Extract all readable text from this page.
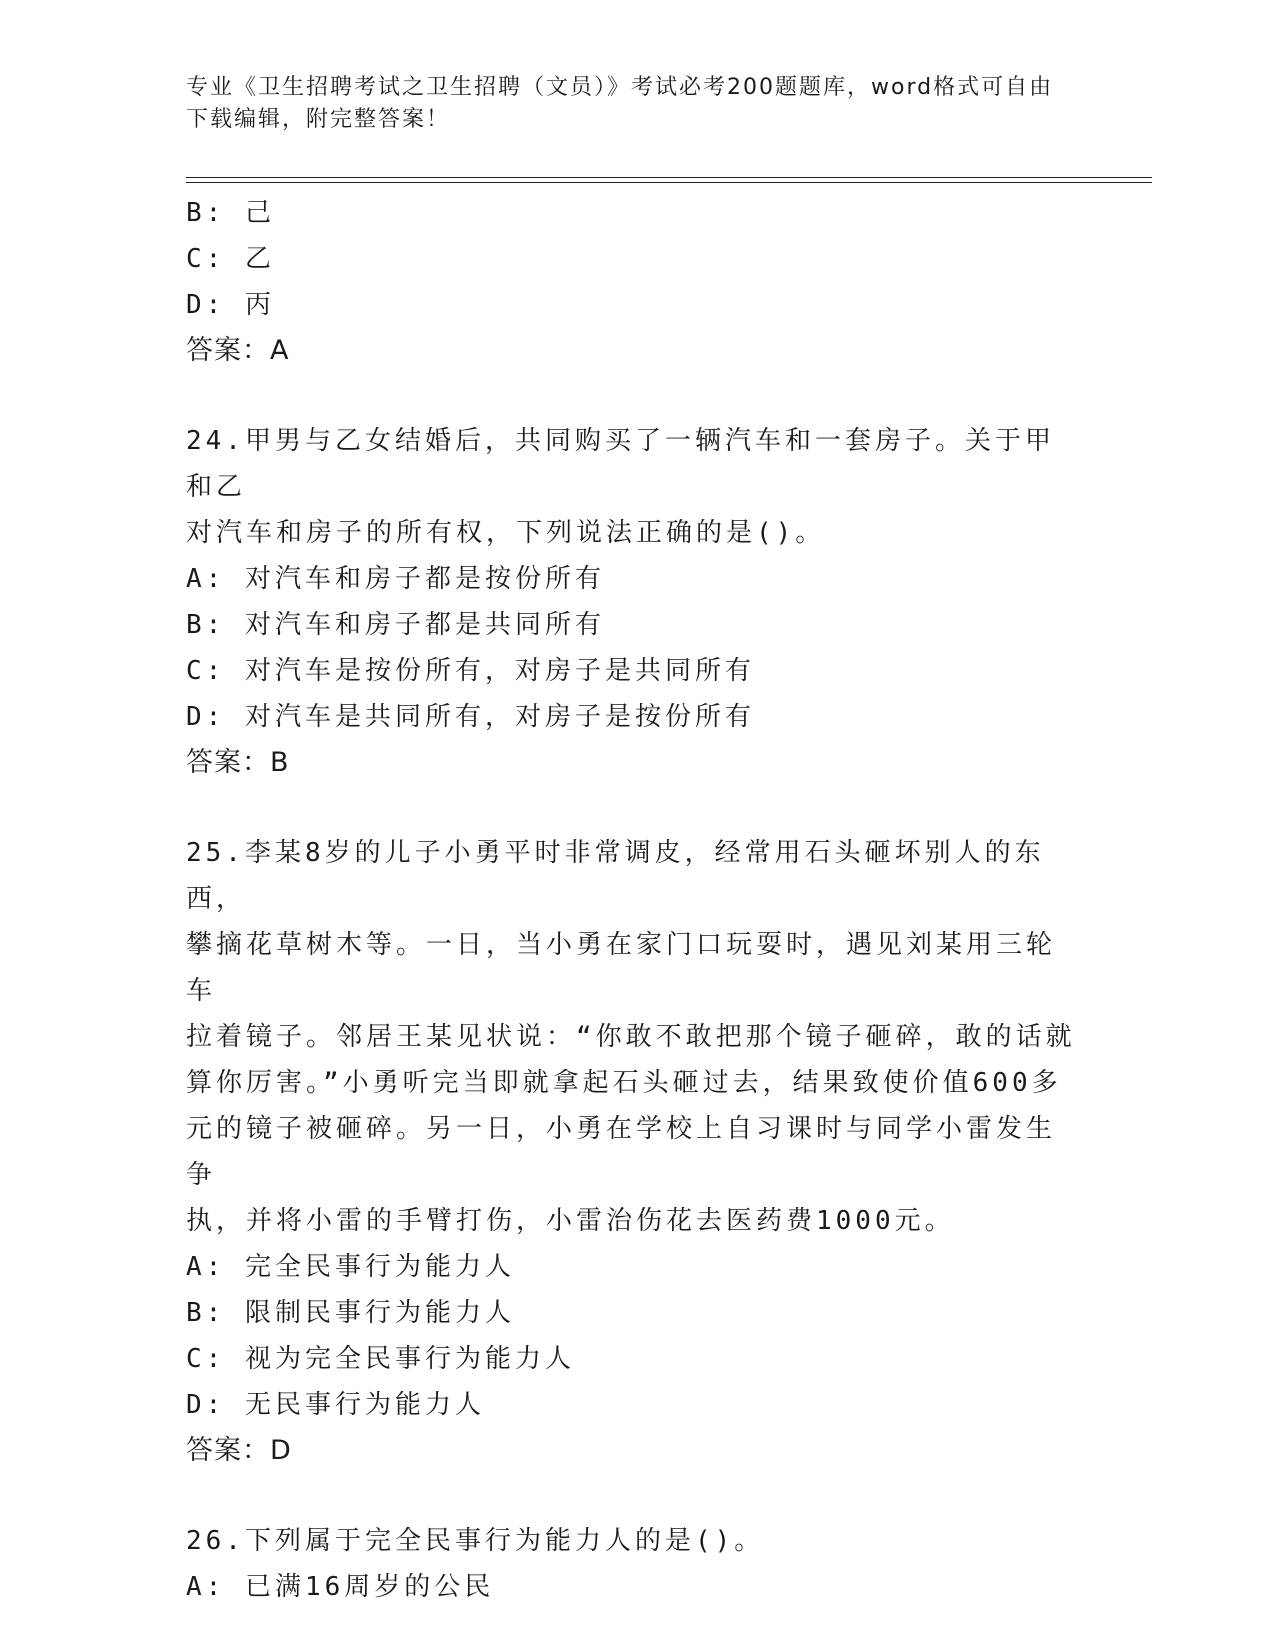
专业《卫生招聘考试之卫生招聘（文员）》考试必考200题题库，word格式可自由下载编辑，附完整答案！
B: 己
C: 乙
D: 丙
答案：A
24.甲男与乙女结婚后，共同购买了一辆汽车和一套房子。关于甲和乙
对汽车和房子的所有权，下列说法正确的是()。
A: 对汽车和房子都是按份所有
B: 对汽车和房子都是共同所有
C: 对汽车是按份所有，对房子是共同所有
D: 对汽车是共同所有，对房子是按份所有
答案：B
25.李某8岁的儿子小勇平时非常调皮，经常用石头砸坏别人的东西，
攀摘花草树木等。一日，当小勇在家门口玩耍时，遇见刘某用三轮车
拉着镜子。邻居王某见状说：“你敢不敢把那个镜子砸碎，敢的话就
算你厉害。”小勇听完当即就拿起石头砸过去，结果致使价值600多
元的镜子被砸碎。另一日，小勇在学校上自习课时与同学小雷发生争
执，并将小雷的手臂打伤，小雷治伤花去医药费1000元。
A: 完全民事行为能力人
B: 限制民事行为能力人
C: 视为完全民事行为能力人
D: 无民事行为能力人
答案：D
26.下列属于完全民事行为能力人的是()。
A: 已满16周岁的公民
